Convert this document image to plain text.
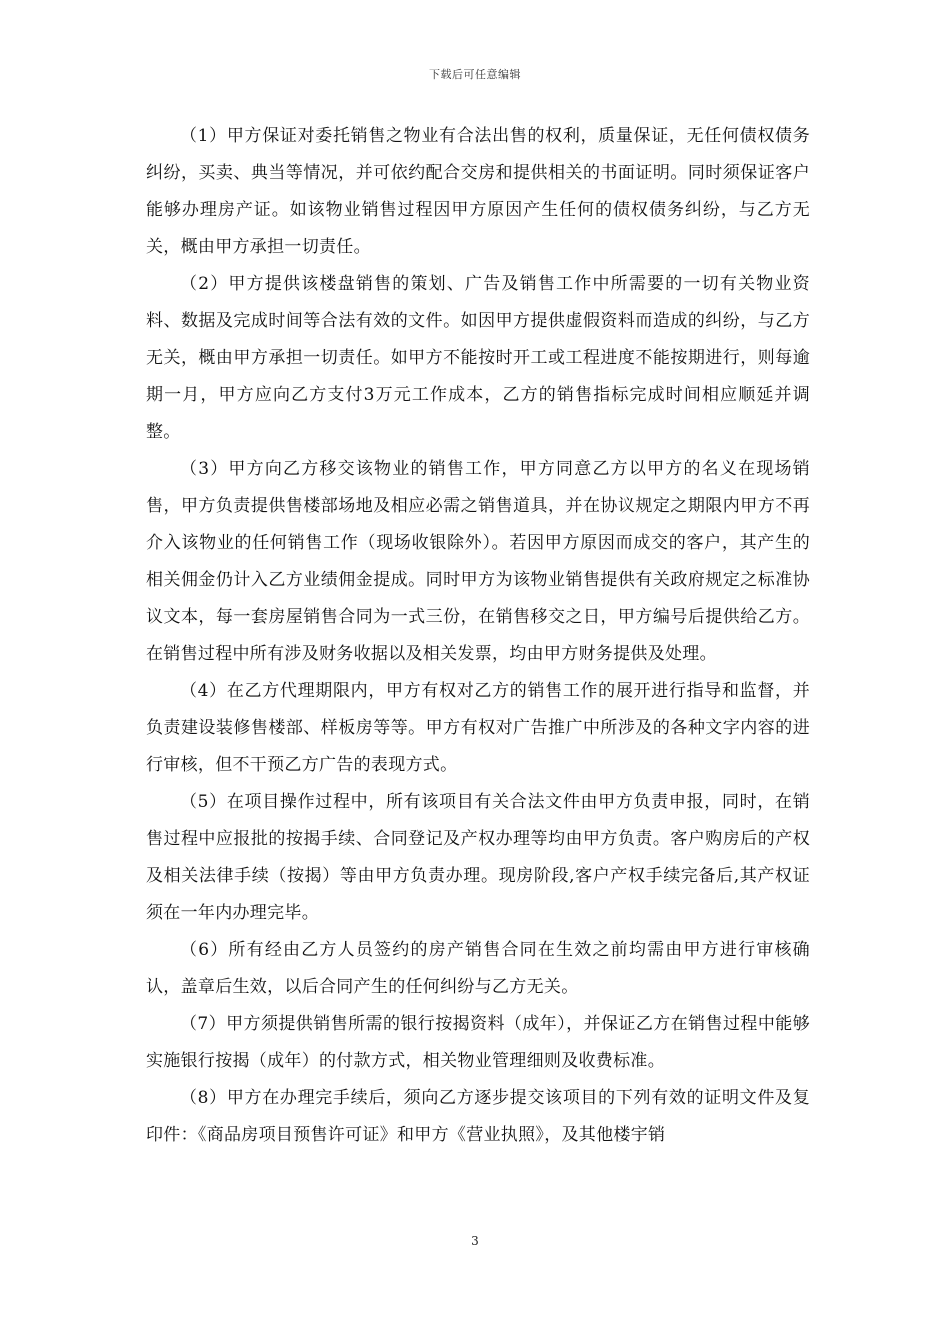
下载后可任意编辑

（1）甲方保证对委托销售之物业有合法出售的权利，质量保证，无任何债权债务纠纷，买卖、典当等情况，并可依约配合交房和提供相关的书面证明。同时须保证客户能够办理房产证。如该物业销售过程因甲方原因产生任何的债权债务纠纷，与乙方无关，概由甲方承担一切责任。

（2）甲方提供该楼盘销售的策划、广告及销售工作中所需要的一切有关物业资料、数据及完成时间等合法有效的文件。如因甲方提供虚假资料而造成的纠纷，与乙方无关，概由甲方承担一切责任。如甲方不能按时开工或工程进度不能按期进行，则每逾期一月，甲方应向乙方支付3万元工作成本，乙方的销售指标完成时间相应顺延并调整。

（3）甲方向乙方移交该物业的销售工作，甲方同意乙方以甲方的名义在现场销售，甲方负责提供售楼部场地及相应必需之销售道具，并在协议规定之期限内甲方不再介入该物业的任何销售工作（现场收银除外）。若因甲方原因而成交的客户，其产生的相关佣金仍计入乙方业绩佣金提成。同时甲方为该物业销售提供有关政府规定之标准协议文本，每一套房屋销售合同为一式三份，在销售移交之日，甲方编号后提供给乙方。在销售过程中所有涉及财务收据以及相关发票，均由甲方财务提供及处理。

（4）在乙方代理期限内，甲方有权对乙方的销售工作的展开进行指导和监督，并负责建设装修售楼部、样板房等等。甲方有权对广告推广中所涉及的各种文字内容的进行审核，但不干预乙方广告的表现方式。

（5）在项目操作过程中，所有该项目有关合法文件由甲方负责申报，同时，在销售过程中应报批的按揭手续、合同登记及产权办理等均由甲方负责。客户购房后的产权及相关法律手续（按揭）等由甲方负责办理。现房阶段,客户产权手续完备后,其产权证须在一年内办理完毕。

（6）所有经由乙方人员签约的房产销售合同在生效之前均需由甲方进行审核确认，盖章后生效，以后合同产生的任何纠纷与乙方无关。

（7）甲方须提供销售所需的银行按揭资料（成年），并保证乙方在销售过程中能够实施银行按揭（成年）的付款方式，相关物业管理细则及收费标准。

（8）甲方在办理完手续后，须向乙方逐步提交该项目的下列有效的证明文件及复印件：《商品房项目预售许可证》和甲方《营业执照》，及其他楼宇销

3
